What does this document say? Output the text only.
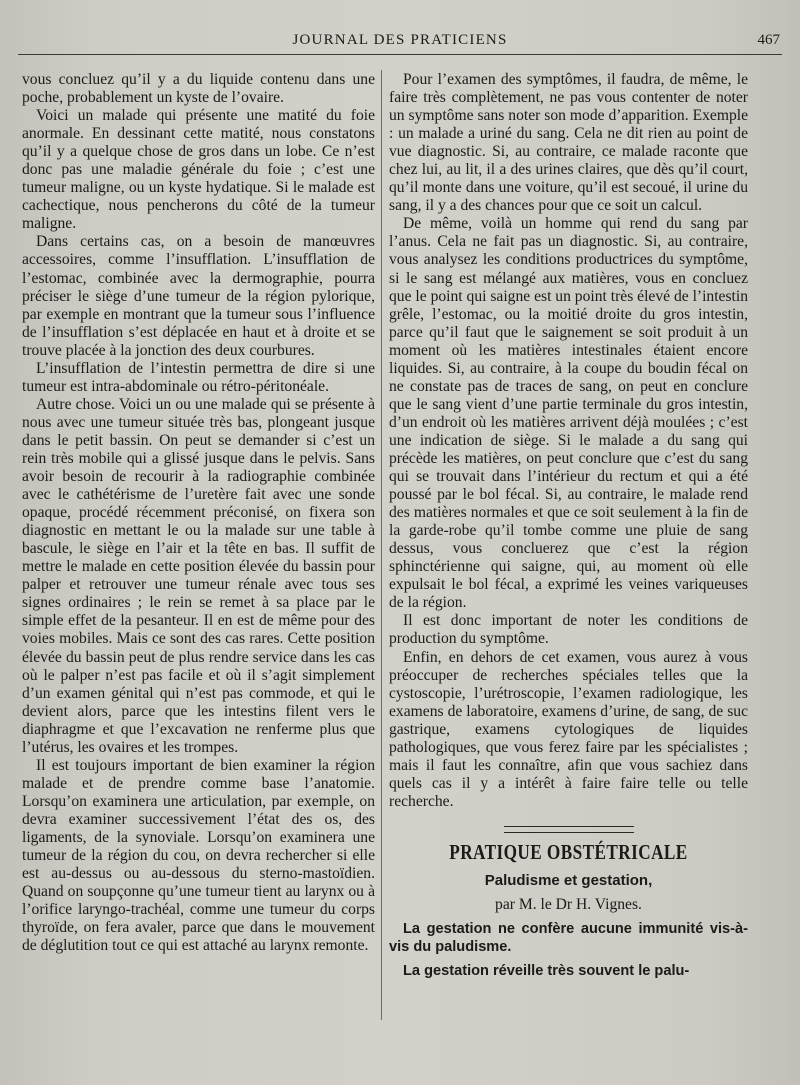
JOURNAL DES PRATICIENS	467

vous concluez qu’il y a du liquide contenu dans une poche, probablement un kyste de l’ovaire.

Voici un malade qui présente une matité du foie anormale. En dessinant cette matité, nous constatons qu’il y a quelque chose de gros dans un lobe. Ce n’est donc pas une maladie générale du foie ; c’est une tumeur maligne, ou un kyste hydatique. Si le malade est cachectique, nous pencherons du côté de la tumeur maligne.

Dans certains cas, on a besoin de manœuvres accessoires, comme l’insufflation. L’insufflation de l’estomac, combinée avec la dermographie, pourra préciser le siège d’une tumeur de la région pylorique, par exemple en montrant que la tumeur sous l’influence de l’insufflation s’est déplacée en haut et à droite et se trouve placée à la jonction des deux courbures.

L’insufflation de l’intestin permettra de dire si une tumeur est intra-abdominale ou rétro-péritonéale.

Autre chose. Voici un ou une malade qui se présente à nous avec une tumeur située très bas, plongeant jusque dans le petit bassin. On peut se demander si c’est un rein très mobile qui a glissé jusque dans le pelvis. Sans avoir besoin de recourir à la radiographie combinée avec le cathétérisme de l’uretère fait avec une sonde opaque, procédé récemment préconisé, on fixera son diagnostic en mettant le ou la malade sur une table à bascule, le siège en l’air et la tête en bas. Il suffit de mettre le malade en cette position élevée du bassin pour palper et retrouver une tumeur rénale avec tous ses signes ordinaires ; le rein se remet à sa place par le simple effet de la pesanteur. Il en est de même pour des voies mobiles. Mais ce sont des cas rares. Cette position élevée du bassin peut de plus rendre service dans les cas où le palper n’est pas facile et où il s’agit simplement d’un examen génital qui n’est pas commode, et qui le devient alors, parce que les intestins filent vers le diaphragme et que l’excavation ne renferme plus que l’utérus, les ovaires et les trompes.

Il est toujours important de bien examiner la région malade et de prendre comme base l’anatomie. Lorsqu’on examinera une articulation, par exemple, on devra examiner successivement l’état des os, des ligaments, de la synoviale. Lorsqu’on examinera une tumeur de la région du cou, on devra rechercher si elle est au-dessus ou au-dessous du sterno-mastoïdien. Quand on soupçonne qu’une tumeur tient au larynx ou à l’orifice laryngo-trachéal, comme une tumeur du corps thyroïde, on fera avaler, parce que dans le mouvement de déglutition tout ce qui est attaché au larynx remonte.

Pour l’examen des symptômes, il faudra, de même, le faire très complètement, ne pas vous contenter de noter un symptôme sans noter son mode d’apparition. Exemple : un malade a uriné du sang. Cela ne dit rien au point de vue diagnostic. Si, au contraire, ce malade raconte que chez lui, au lit, il a des urines claires, que dès qu’il court, qu’il monte dans une voiture, qu’il est secoué, il urine du sang, il y a des chances pour que ce soit un calcul.

De même, voilà un homme qui rend du sang par l’anus. Cela ne fait pas un diagnostic. Si, au contraire, vous analysez les conditions productrices du symptôme, si le sang est mélangé aux matières, vous en concluez que le point qui saigne est un point très élevé de l’intestin grêle, l’estomac, ou la moitié droite du gros intestin, parce qu’il faut que le saignement se soit produit à un moment où les matières intestinales étaient encore liquides. Si, au contraire, à la coupe du boudin fécal on ne constate pas de traces de sang, on peut en conclure que le sang vient d’une partie terminale du gros intestin, d’un endroit où les matières arrivent déjà moulées ; c’est une indication de siège. Si le malade a du sang qui précède les matières, on peut conclure que c’est du sang qui se trouvait dans l’intérieur du rectum et qui a été poussé par le bol fécal. Si, au contraire, le malade rend des matières normales et que ce soit seulement à la fin de la garde-robe qu’il tombe comme une pluie de sang dessus, vous concluerez que c’est la région sphinctérienne qui saigne, qui, au moment où elle expulsait le bol fécal, a exprimé les veines variqueuses de la région.

Il est donc important de noter les conditions de production du symptôme.

Enfin, en dehors de cet examen, vous aurez à vous préoccuper de recherches spéciales telles que la cystoscopie, l’urétroscopie, l’examen radiologique, les examens de laboratoire, examens d’urine, de sang, de suc gastrique, examens cytologiques de liquides pathologiques, que vous ferez faire par les spécialistes ; mais il faut les connaître, afin que vous sachiez dans quels cas il y a intérêt à faire faire telle ou telle recherche.

PRATIQUE OBSTÉTRICALE
Paludisme et gestation,
par M. le Dr H. Vignes.

La gestation ne confère aucune immunité vis-à-vis du paludisme.

La gestation réveille très souvent le palu-
